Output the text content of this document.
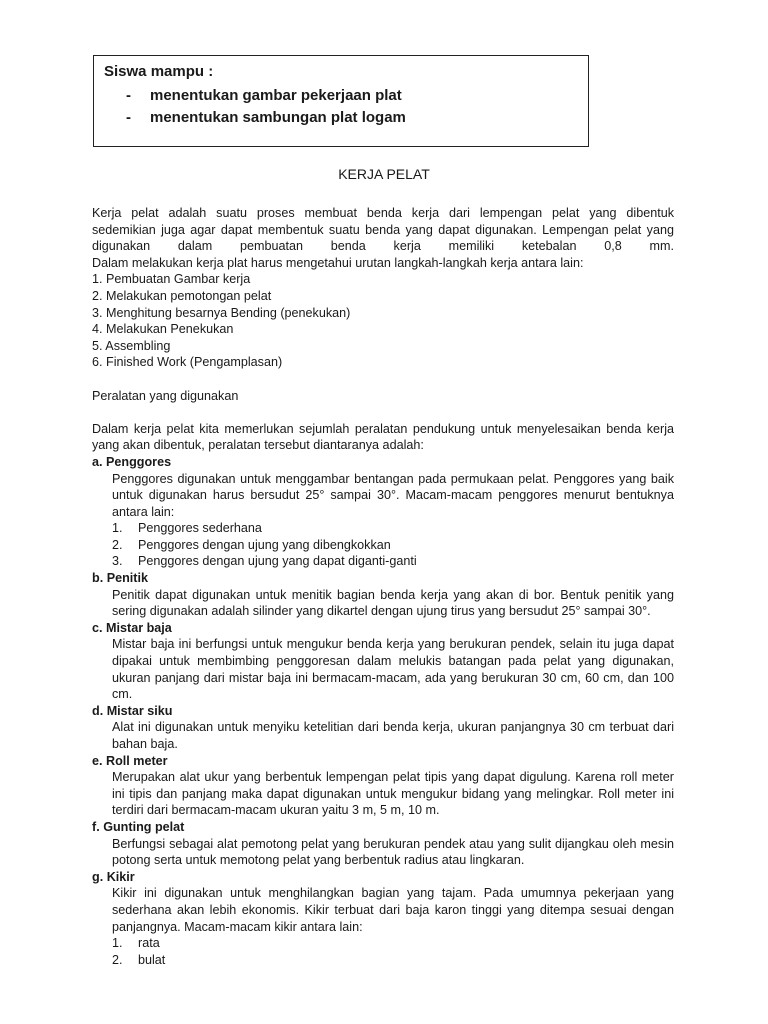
Siswa mampu :

- menentukan gambar pekerjaan plat
- menentukan sambungan plat logam
KERJA PELAT

Kerja pelat adalah suatu proses membuat benda kerja dari lempengan pelat yang dibentuk

sedemikian juga agar dapat membentuk suatu benda yang dapat digunakan. Lempengan pelat yang

digunakan dalam pembuatan benda kerja memiliki ketebalan 0,8 mm.

Dalam melakukan kerja plat harus mengetahui urutan langkah-langkah kerja antara lain:

1. Pembuatan Gambar kerja
2. Melakukan pemotongan pelat
3. Menghitung besarnya Bending (penekukan)
4. Melakukan Penekukan
5. Assembling
6. Finished Work (Pengamplasan)

Peralatan yang digunakan

Dalam kerja pelat kita memerlukan sejumlah peralatan pendukung untuk menyelesaikan benda kerja yang akan dibentuk, peralatan tersebut diantaranya adalah:

a. Penggores

Penggores digunakan untuk menggambar bentangan pada permukaan pelat. Penggores yang baik untuk digunakan harus bersudut 25° sampai 30°. Macam-macam penggores menurut bentuknya antara lain:

1. Penggores sederhana
2. Penggores dengan ujung yang dibengkokkan
3. Penggores dengan ujung yang dapat diganti-ganti

b. Penitik

Penitik dapat digunakan untuk menitik bagian benda kerja yang akan di bor. Bentuk penitik yang sering digunakan adalah silinder yang dikartel dengan ujung tirus yang bersudut 25° sampai 30°.

c. Mistar baja

Mistar baja ini berfungsi untuk mengukur benda kerja yang berukuran pendek, selain itu juga dapat dipakai untuk membimbing penggoresan dalam melukis batangan pada pelat yang digunakan, ukuran panjang dari mistar baja ini bermacam-macam, ada yang berukuran 30 cm, 60 cm, dan 100 cm.

d. Mistar siku

Alat ini digunakan untuk menyiku ketelitian dari benda kerja, ukuran panjangnya 30 cm terbuat dari bahan baja.

e. Roll meter

Merupakan alat ukur yang berbentuk lempengan pelat tipis yang dapat digulung. Karena roll meter ini tipis dan panjang maka dapat digunakan untuk mengukur bidang yang melingkar. Roll meter ini terdiri dari bermacam-macam ukuran yaitu 3 m, 5 m, 10 m.

f. Gunting pelat

Berfungsi sebagai alat pemotong pelat yang berukuran pendek atau yang sulit dijangkau oleh mesin potong serta untuk memotong pelat yang berbentuk radius atau lingkaran.

g. Kikir

Kikir ini digunakan untuk menghilangkan bagian yang tajam. Pada umumnya pekerjaan yang sederhana akan lebih ekonomis. Kikir terbuat dari baja karon tinggi yang ditempa sesuai dengan panjangnya. Macam-macam kikir antara lain:

1. rata
2. bulat
